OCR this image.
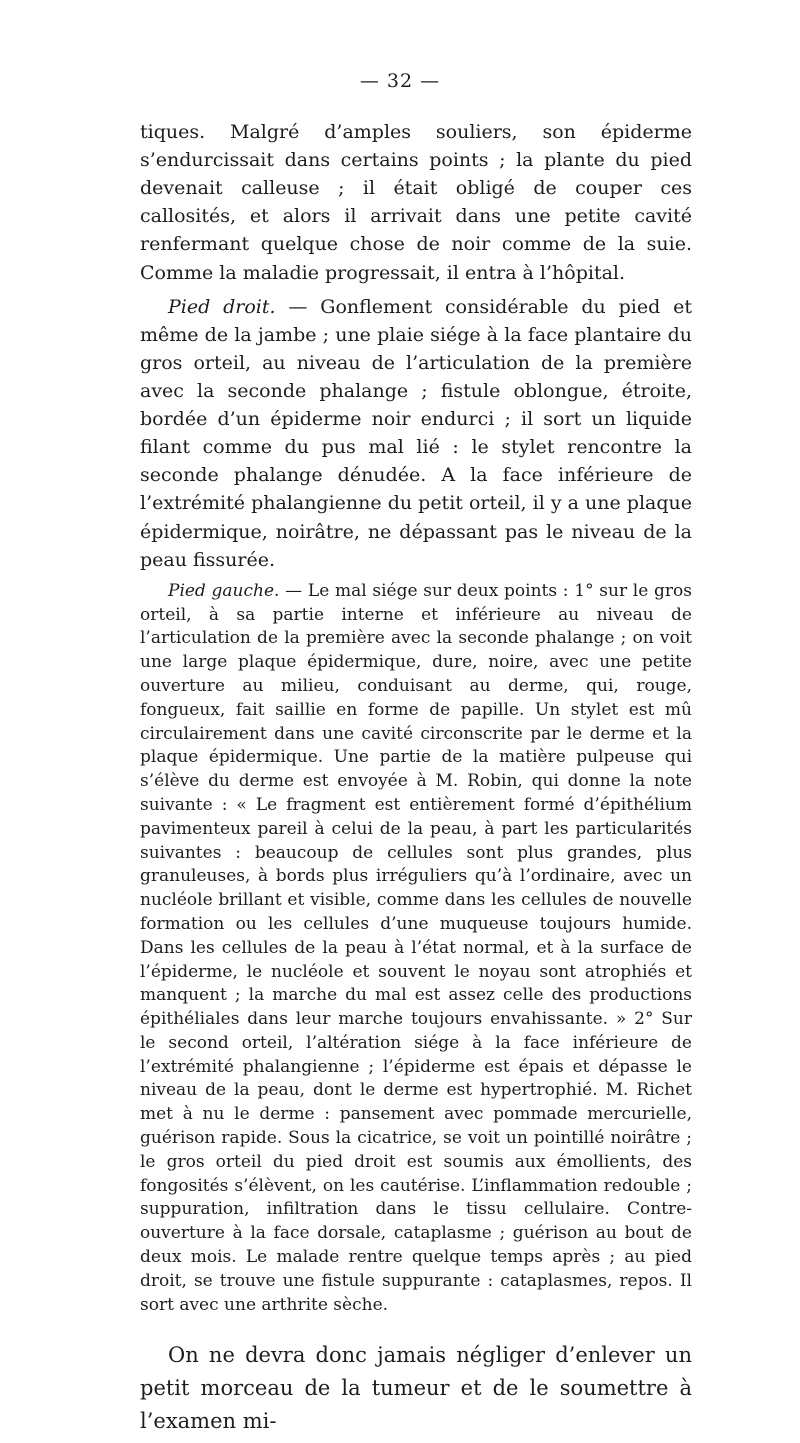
— 32 —

tiques. Malgré d’amples souliers, son épiderme s’endurcissait dans certains points ; la plante du pied devenait calleuse ; il était obligé de couper ces callosités, et alors il arrivait dans une petite cavité renfermant quelque chose de noir comme de la suie. Comme la maladie progressait, il entra à l’hôpital.

Pied droit. — Gonflement considérable du pied et même de la jambe ; une plaie siége à la face plantaire du gros orteil, au niveau de l’articulation de la première avec la seconde phalange ; fistule oblongue, étroite, bordée d’un épiderme noir endurci ; il sort un liquide filant comme du pus mal lié : le stylet rencontre la seconde phalange dénudée. A la face inférieure de l’extrémité phalangienne du petit orteil, il y a une plaque épidermique, noirâtre, ne dépassant pas le niveau de la peau fissurée.

Pied gauche. — Le mal siége sur deux points : 1° sur le gros orteil, à sa partie interne et inférieure au niveau de l’articulation de la première avec la seconde phalange ; on voit une large plaque épidermique, dure, noire, avec une petite ouverture au milieu, conduisant au derme, qui, rouge, fongueux, fait saillie en forme de papille. Un stylet est mû circulairement dans une cavité circonscrite par le derme et la plaque épidermique. Une partie de la matière pulpeuse qui s’élève du derme est envoyée à M. Robin, qui donne la note suivante : « Le fragment est entièrement formé d’épithélium pavimenteux pareil à celui de la peau, à part les particularités suivantes : beaucoup de cellules sont plus grandes, plus granuleuses, à bords plus irréguliers qu’à l’ordinaire, avec un nucléole brillant et visible, comme dans les cellules de nouvelle formation ou les cellules d’une muqueuse toujours humide. Dans les cellules de la peau à l’état normal, et à la surface de l’épiderme, le nucléole et souvent le noyau sont atrophiés et manquent ; la marche du mal est assez celle des productions épithéliales dans leur marche toujours envahissante. » 2° Sur le second orteil, l’altération siége à la face inférieure de l’extrémité phalangienne ; l’épiderme est épais et dépasse le niveau de la peau, dont le derme est hypertrophié. M. Richet met à nu le derme : pansement avec pommade mercurielle, guérison rapide. Sous la cicatrice, se voit un pointillé noirâtre ; le gros orteil du pied droit est soumis aux émollients, des fongosités s’élèvent, on les cautérise. L’inflammation redouble ; suppuration, infiltration dans le tissu cellulaire. Contre-ouverture à la face dorsale, cataplasme ; guérison au bout de deux mois. Le malade rentre quelque temps après ; au pied droit, se trouve une fistule suppurante : cataplasmes, repos. Il sort avec une arthrite sèche.

On ne devra donc jamais négliger d’enlever un petit morceau de la tumeur et de le soumettre à l’examen mi-
